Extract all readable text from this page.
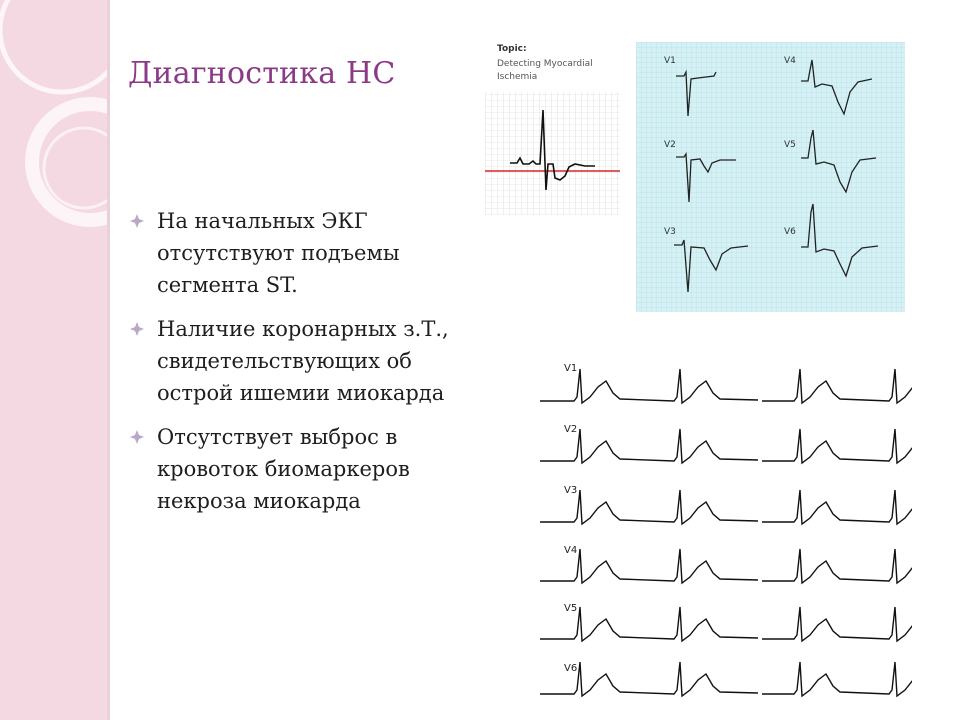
Диагностика НС
На начальных ЭКГ отсутствуют подъемы сегмента ST.
Наличие коронарных з.Т., свидетельствующих об острой ишемии миокарда
Отсутствует выброс в кровоток биомаркеров некроза миокарда
Topic:
Detecting Myocardial
Ischemia
V1
V2
V3
V4
V5
V6
V1
V2
V3
V4
V5
V6
